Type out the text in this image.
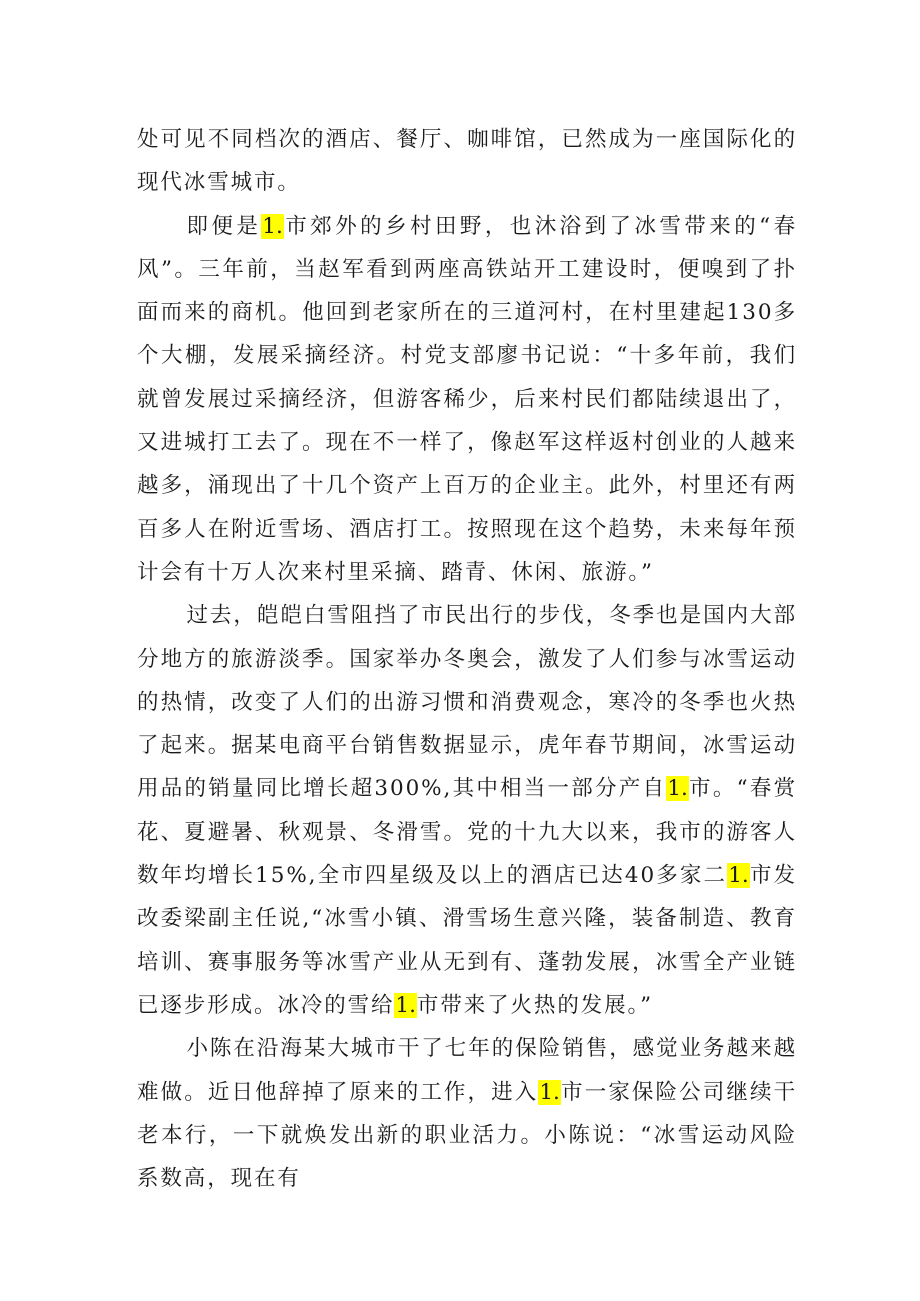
处可见不同档次的酒店、餐厅、咖啡馆，已然成为一座国际化的现代冰雪城市。

即便是1.市郊外的乡村田野，也沐浴到了冰雪带来的“春风”。三年前，当赵军看到两座高铁站开工建设时，便嗅到了扑面而来的商机。他回到老家所在的三道河村，在村里建起130多个大棚，发展采摘经济。村党支部廖书记说：“十多年前，我们就曾发展过采摘经济，但游客稀少，后来村民们都陆续退出了，又进城打工去了。现在不一样了，像赵军这样返村创业的人越来越多，涌现出了十几个资产上百万的企业主。此外，村里还有两百多人在附近雪场、酒店打工。按照现在这个趋势，未来每年预计会有十万人次来村里采摘、踏青、休闲、旅游。”

过去，皑皑白雪阻挡了市民出行的步伐，冬季也是国内大部分地方的旅游淡季。国家举办冬奥会，激发了人们参与冰雪运动的热情，改变了人们的出游习惯和消费观念，寒冷的冬季也火热了起来。据某电商平台销售数据显示，虎年春节期间，冰雪运动用品的销量同比增长超300%,其中相当一部分产自1.市。“春赏花、夏避暑、秋观景、冬滑雪。党的十九大以来，我市的游客人数年均增长15%,全市四星级及以上的酒店已达40多家二1.市发改委梁副主任说,“冰雪小镇、滑雪场生意兴隆，装备制造、教育培训、赛事服务等冰雪产业从无到有、蓬勃发展，冰雪全产业链已逐步形成。冰冷的雪给1.市带来了火热的发展。”

小陈在沿海某大城市干了七年的保险销售，感觉业务越来越难做。近日他辞掉了原来的工作，进入1.市一家保险公司继续干老本行，一下就焕发出新的职业活力。小陈说：“冰雪运动风险系数高，现在有
